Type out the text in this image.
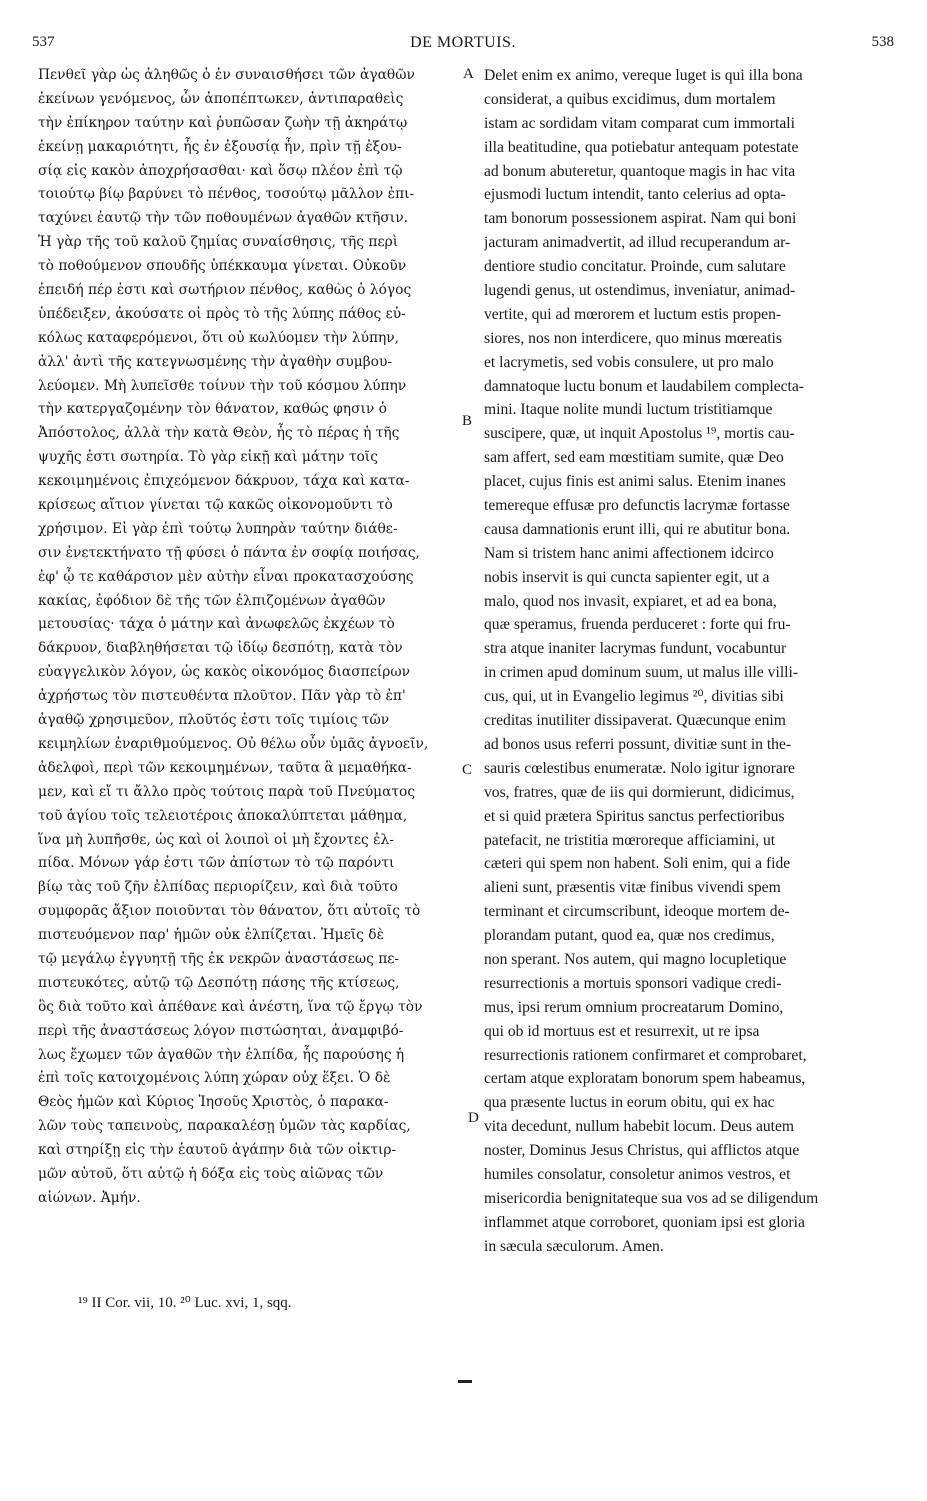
537	DE MORTUIS.	538
Πενθεῖ γὰρ ὡς ἀληθῶς ὁ ἐν συναισθήσει τῶν ἀγαθῶν
ἐκείνων γενόμενος, ὧν ἀποπέπτωκεν, ἀντιπαραθεὶς
τὴν ἐπίκηρον ταύτην καὶ ῥυπῶσαν ζωὴν τῇ ἀκηράτῳ
ἐκείνῃ μακαριότητι, ἧς ἐν ἐξουσίᾳ ἦν, πρὶν τῇ ἐξου-
σίᾳ εἰς κακὸν ἀποχρήσασθαι· καὶ ὅσῳ πλέον ἐπὶ τῷ
τοιούτῳ βίῳ βαρύνει τὸ πένθος, τοσούτῳ μᾶλλον ἐπι-
ταχύνει ἑαυτῷ τὴν τῶν ποθουμένων ἀγαθῶν κτῆσιν.
Ἡ γὰρ τῆς τοῦ καλοῦ ζημίας συναίσθησις, τῆς περὶ
τὸ ποθούμενον σπουδῆς ὑπέκκαυμα γίνεται. Οὐκοῦν
ἐπειδή πέρ ἐστι καὶ σωτήριον πένθος, καθὼς ὁ λόγος
ὑπέδειξεν, ἀκούσατε οἱ πρὸς τὸ τῆς λύπης πάθος εὐ-
κόλως καταφερόμενοι, ὅτι οὐ κωλύομεν τὴν λύπην,
ἀλλ' ἀντὶ τῆς κατεγνωσμένης τὴν ἀγαθὴν συμβου-
λεύομεν. Μὴ λυπεῖσθε τοίνυν τὴν τοῦ κόσμου λύπην
τὴν κατεργαζομένην τὸν θάνατον, καθώς φησιν ὁ
Ἀπόστολος, ἀλλὰ τὴν κατὰ Θεὸν, ἧς τὸ πέρας ἡ τῆς
ψυχῆς ἐστι σωτηρία. Τὸ γὰρ εἰκῇ καὶ μάτην τοῖς
κεκοιμημένοις ἐπιχεόμενον δάκρυον, τάχα καὶ κατα-
κρίσεως αἴτιον γίνεται τῷ κακῶς οἰκονομοῦντι τὸ
χρήσιμον. Εἰ γὰρ ἐπὶ τούτῳ λυπηρὰν ταύτην διάθε-
σιν ἐνετεκτήνατο τῇ φύσει ὁ πάντα ἐν σοφίᾳ ποιήσας,
ἐφ' ᾧ τε καθάρσιον μὲν αὐτὴν εἶναι προκατασχούσης
κακίας, ἐφόδιον δὲ τῆς τῶν ἐλπιζομένων ἀγαθῶν
μετουσίας· τάχα ὁ μάτην καὶ ἀνωφελῶς ἐκχέων τὸ
δάκρυον, διαβληθήσεται τῷ ἰδίῳ δεσπότῃ, κατὰ τὸν
εὐαγγελικὸν λόγον, ὡς κακὸς οἰκονόμος διασπείρων
ἀχρήστως τὸν πιστευθέντα πλοῦτον. Πᾶν γὰρ τὸ ἐπ'
ἀγαθῷ χρησιμεῦον, πλοῦτός ἐστι τοῖς τιμίοις τῶν
κειμηλίων ἐναριθμούμενος. Οὐ θέλω οὖν ὑμᾶς ἀγνοεῖν,
ἀδελφοὶ, περὶ τῶν κεκοιμημένων, ταῦτα ἃ μεμαθήκα-
μεν, καὶ εἴ τι ἄλλο πρὸς τούτοις παρὰ τοῦ Πνεύματος
τοῦ ἁγίου τοῖς τελειοτέροις ἀποκαλύπτεται μάθημα,
ἵνα μὴ λυπῆσθε, ὡς καὶ οἱ λοιποὶ οἱ μὴ ἔχοντες ἐλ-
πίδα. Μόνων γάρ ἐστι τῶν ἀπίστων τὸ τῷ παρόντι
βίῳ τὰς τοῦ ζῆν ἐλπίδας περιορίζειν, καὶ διὰ τοῦτο
συμφορᾶς ἄξιον ποιοῦνται τὸν θάνατον, ὅτι αὐτοῖς τὸ
πιστευόμενον παρ' ἡμῶν οὐκ ἐλπίζεται. Ἡμεῖς δὲ
τῷ μεγάλῳ ἐγγυητῇ τῆς ἐκ νεκρῶν ἀναστάσεως πε-
πιστευκότες, αὐτῷ τῷ Δεσπότῃ πάσης τῆς κτίσεως,
ὃς διὰ τοῦτο καὶ ἀπέθανε καὶ ἀνέστη, ἵνα τῷ ἔργῳ τὸν
περὶ τῆς ἀναστάσεως λόγον πιστώσηται, ἀναμφιβό-
λως ἔχωμεν τῶν ἀγαθῶν τὴν ἐλπίδα, ἧς παρούσης ἡ
ἐπὶ τοῖς κατοιχομένοις λύπη χώραν οὐχ ἕξει. Ὁ δὲ
Θεὸς ἡμῶν καὶ Κύριος Ἰησοῦς Χριστὸς, ὁ παρακα-
λῶν τοὺς ταπεινοὺς, παρακαλέσῃ ὑμῶν τὰς καρδίας,
καὶ στηρίξῃ εἰς τὴν ἑαυτοῦ ἀγάπην διὰ τῶν οἰκτιρ-
μῶν αὐτοῦ, ὅτι αὐτῷ ἡ δόξα εἰς τοὺς αἰῶνας τῶν
αἰώνων. Ἀμήν.
Delet enim ex animo, vereque luget is qui illa bona
considerat, a quibus excidimus, dum mortalem
istam ac sordidam vitam comparat cum immortali
illa beatitudine, qua potiebatur antequam potestate
ad bonum abuteretur, quantoque magis in hac vita
ejusmodi luctum intendit, tanto celerius ad opta-
tam bonorum possessionem aspirat. Nam qui boni
jacturam animadvertit, ad illud recuperandum ar-
dentiore studio concitatur. Proinde, cum salutare
lugendi genus, ut ostendimus, inveniatur, animad-
vertite, qui ad mœrorem et luctum estis propen-
siores, nos non interdicere, quo minus mœreatis
et lacrymetis, sed vobis consulere, ut pro malo
damnatoque luctu bonum et laudabilem complecta-
mini. Itaque nolite mundi luctum tristitiamque
suscipere, quæ, ut inquit Apostolus ¹⁹, mortis cau-
sam affert, sed eam mœstitiam sumite, quæ Deo
placet, cujus finis est animi salus. Etenim inanes
temereque effusæ pro defunctis lacrymæ fortasse
causa damnationis erunt illi, qui re abutitur bona.
Nam si tristem hanc animi affectionem idcirco
nobis inservit is qui cuncta sapienter egit, ut a
malo, quod nos invasit, expiaret, et ad ea bona,
quæ speramus, fruenda perduceret : forte qui fru-
stra atque inaniter lacrymas fundunt, vocabuntur
in crimen apud dominum suum, ut malus ille villi-
cus, qui, ut in Evangelio legimus ²⁰, divitias sibi
creditas inutiliter dissipaverat. Quæcunque enim
ad bonos usus referri possunt, divitiæ sunt in the-
sauris cœlestibus enumeratæ. Nolo igitur ignorare
vos, fratres, quæ de iis qui dormierunt, didicimus,
et si quid prætera Spiritus sanctus perfectioribus
patefacit, ne tristitia mœroreque afficiamini, ut
cæteri qui spem non habent. Soli enim, qui a fide
alieni sunt, præsentis vitæ finibus vivendi spem
terminant et circumscribunt, ideoque mortem de-
plorandam putant, quod ea, quæ nos credimus,
non sperant. Nos autem, qui magno locupletique
resurrectionis a mortuis sponsori vadique credi-
mus, ipsi rerum omnium procreatarum Domino,
qui ob id mortuus est et resurrexit, ut re ipsa
resurrectionis rationem confirmaret et comprobaret,
certam atque exploratam bonorum spem habeamus,
qua præsente luctus in eorum obitu, qui ex hac
vita decedunt, nullum habebit locum. Deus autem
noster, Dominus Jesus Christus, qui afflictos atque
humiles consolatur, consoletur animos vestros, et
misericordia benignitateque sua vos ad se diligendum
inflammet atque corroboret, quoniam ipsi est gloria
in sæcula sæculorum. Amen.
A
B
C
D
¹⁹ II Cor. vii, 10. ²⁰ Luc. xvi, 1, sqq.
